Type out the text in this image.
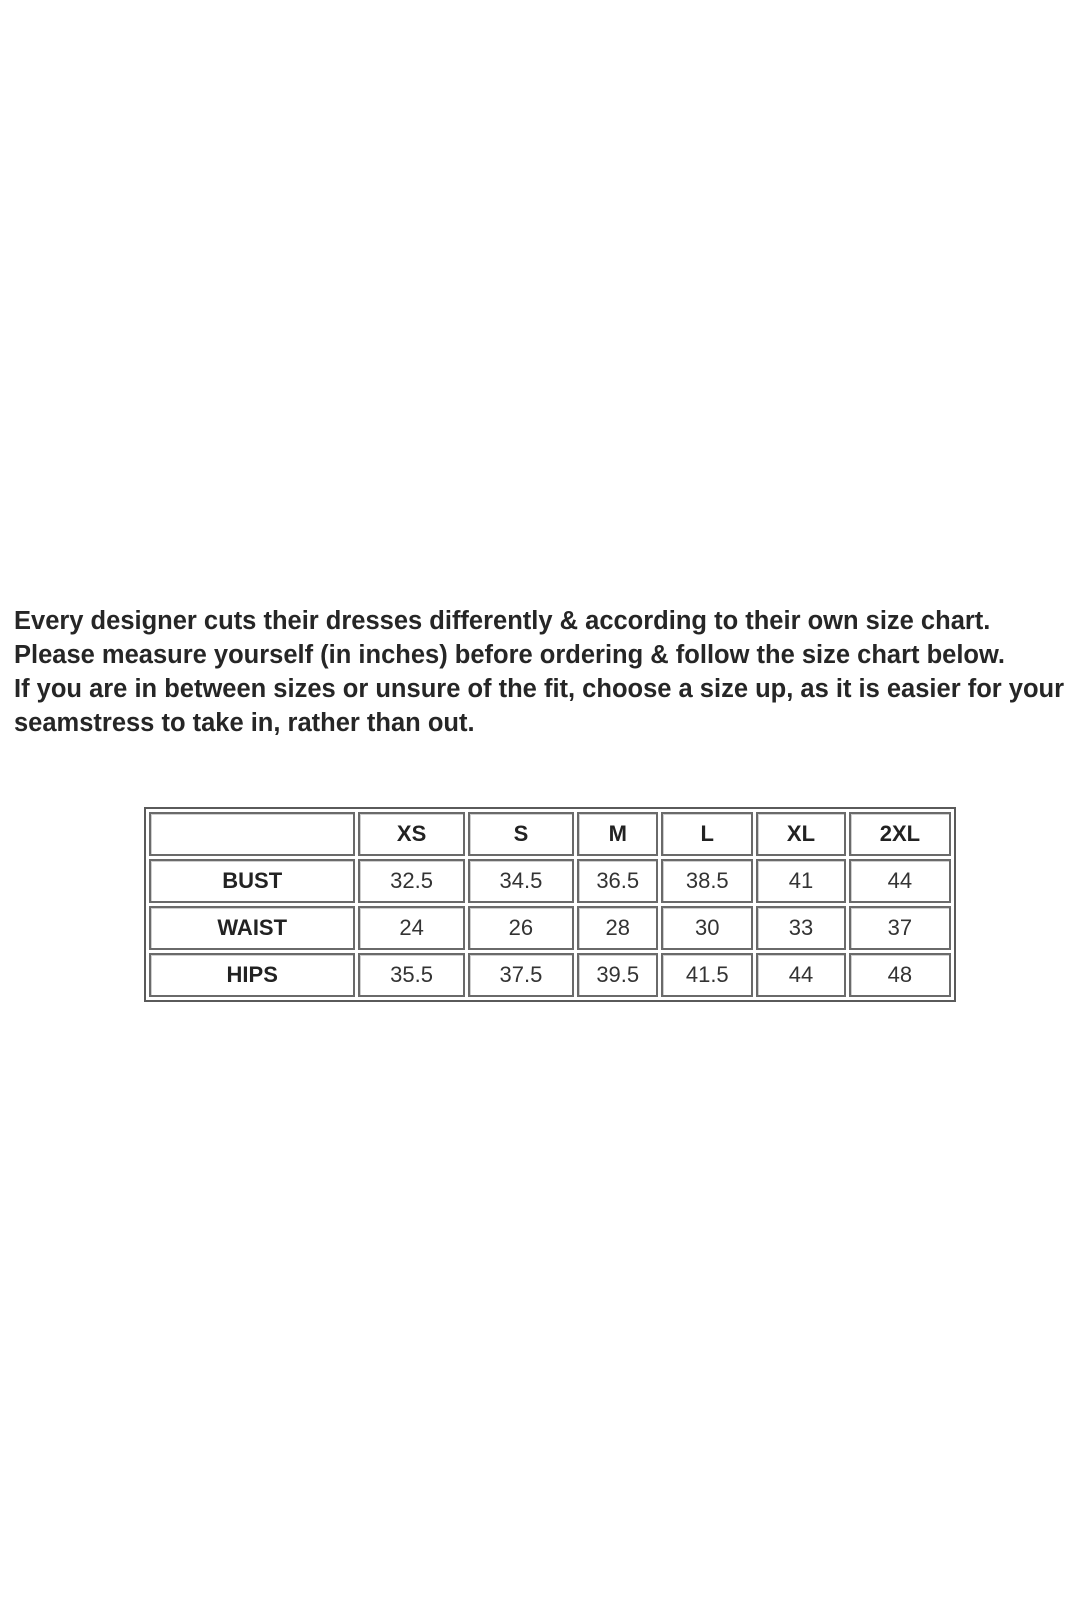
Every designer cuts their dresses differently & according to their own size chart. Please measure yourself (in inches) before ordering & follow the size chart below.

If you are in between sizes or unsure of the fit, choose a size up, as it is easier for your seamstress to take in, rather than out.

	XS	S	M	L	XL	2XL
BUST	32.5	34.5	36.5	38.5	41	44
WAIST	24	26	28	30	33	37
HIPS	35.5	37.5	39.5	41.5	44	48
